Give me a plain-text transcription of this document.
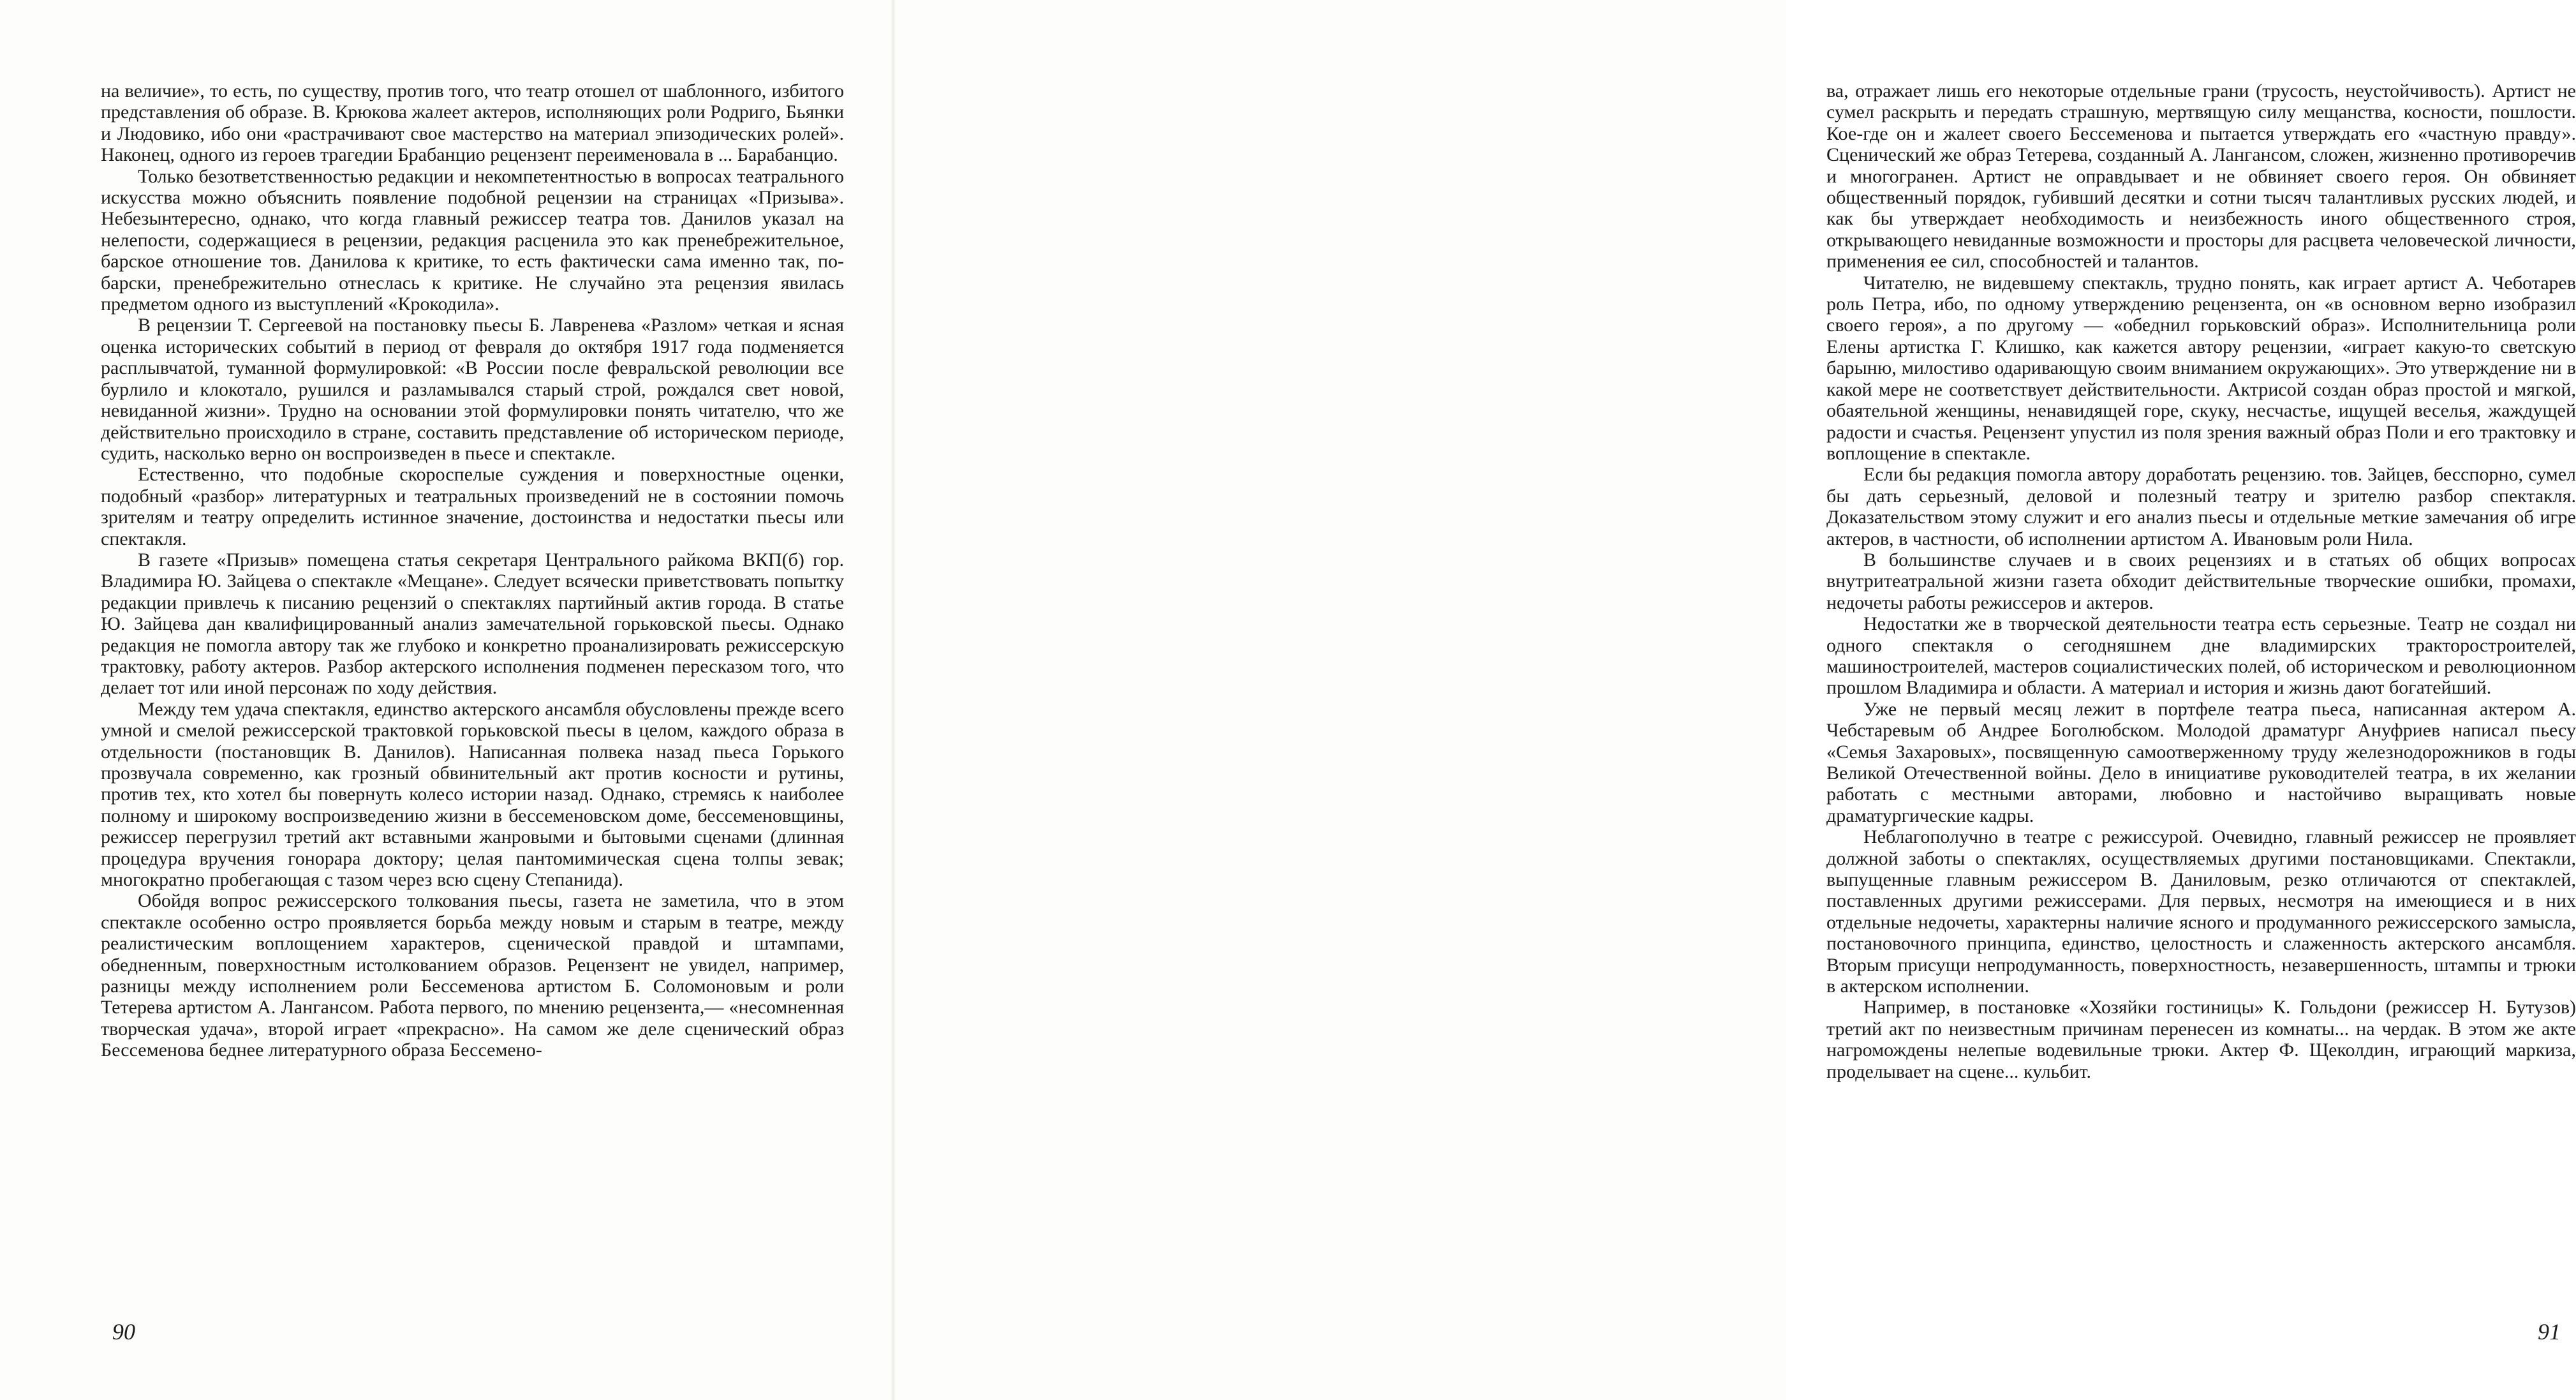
на величие», то есть, по существу, против того, что театр отошел от шаблонного, избитого представления об образе. В. Крюкова жалеет актеров, исполняющих роли Родриго, Бьянки и Людовико, ибо они «растрачивают свое мастерство на материал эпизодических ролей». Наконец, одного из героев трагедии Брабанцио рецензент переименовала в ... Барабанцио.

Только безответственностью редакции и некомпетентностью в вопросах театрального искусства можно объяснить появление подобной рецензии на страницах «Призыва». Небезынтересно, однако, что когда главный режиссер театра тов. Данилов указал на нелепости, содержащиеся в рецензии, редакция расценила это как пренебрежительное, барское отношение тов. Данилова к критике, то есть фактически сама именно так, по-барски, пренебрежительно отнеслась к критике. Не случайно эта рецензия явилась предметом одного из выступлений «Крокодила».

В рецензии Т. Сергеевой на постановку пьесы Б. Лавренева «Разлом» четкая и ясная оценка исторических событий в период от февраля до октября 1917 года подменяется расплывчатой, туманной формулировкой: «В России после февральской революции все бурлило и клокотало, рушился и разламывался старый строй, рождался свет новой, невиданной жизни». Трудно на основании этой формулировки понять читателю, что же действительно происходило в стране, составить представление об историческом периоде, судить, насколько верно он воспроизведен в пьесе и спектакле.

Естественно, что подобные скороспелые суждения и поверхностные оценки, подобный «разбор» литературных и театральных произведений не в состоянии помочь зрителям и театру определить истинное значение, достоинства и недостатки пьесы или спектакля.

В газете «Призыв» помещена статья секретаря Центрального райкома ВКП(б) гор. Владимира Ю. Зайцева о спектакле «Мещане». Следует всячески приветствовать попытку редакции привлечь к писанию рецензий о спектаклях партийный актив города. В статье Ю. Зайцева дан квалифицированный анализ замечательной горьковской пьесы. Однако редакция не помогла автору так же глубоко и конкретно проанализировать режиссерскую трактовку, работу актеров. Разбор актерского исполнения подменен пересказом того, что делает тот или иной персонаж по ходу действия.

Между тем удача спектакля, единство актерского ансамбля обусловлены прежде всего умной и смелой режиссерской трактовкой горьковской пьесы в целом, каждого образа в отдельности (постановщик В. Данилов). Написанная полвека назад пьеса Горького прозвучала современно, как грозный обвинительный акт против косности и рутины, против тех, кто хотел бы повернуть колесо истории назад. Однако, стремясь к наиболее полному и широкому воспроизведению жизни в бессеменовском доме, бессеменовщины, режиссер перегрузил третий акт вставными жанровыми и бытовыми сценами (длинная процедура вручения гонорара доктору; целая пантомимическая сцена толпы зевак; многократно пробегающая с тазом через всю сцену Степанида).

Обойдя вопрос режиссерского толкования пьесы, газета не заметила, что в этом спектакле особенно остро проявляется борьба между новым и старым в театре, между реалистическим воплощением характеров, сценической правдой и штампами, обедненным, поверхностным истолкованием образов. Рецензент не увидел, например, разницы между исполнением роли Бессеменова артистом Б. Соломоновым и роли Тетерева артистом А. Лангансом. Работа первого, по мнению рецензента,— «несомненная творческая удача», второй играет «прекрасно». На самом же деле сценический образ Бессеменова беднее литературного образа Бессемено-

90

ва, отражает лишь его некоторые отдельные грани (трусость, неустойчивость). Артист не сумел раскрыть и передать страшную, мертвящую силу мещанства, косности, пошлости. Кое-где он и жалеет своего Бессеменова и пытается утверждать его «частную правду». Сценический же образ Тетерева, созданный А. Лангансом, сложен, жизненно противоречив и многогранен. Артист не оправдывает и не обвиняет своего героя. Он обвиняет общественный порядок, губивший десятки и сотни тысяч талантливых русских людей, и как бы утверждает необходимость и неизбежность иного общественного строя, открывающего невиданные возможности и просторы для расцвета человеческой личности, применения ее сил, способностей и талантов.

Читателю, не видевшему спектакль, трудно понять, как играет артист А. Чеботарев роль Петра, ибо, по одному утверждению рецензента, он «в основном верно изобразил своего героя», а по другому — «обеднил горьковский образ». Исполнительница роли Елены артистка Г. Клишко, как кажется автору рецензии, «играет какую-то светскую барыню, милостиво одаривающую своим вниманием окружающих». Это утверждение ни в какой мере не соответствует действительности. Актрисой создан образ простой и мягкой, обаятельной женщины, ненавидящей горе, скуку, несчастье, ищущей веселья, жаждущей радости и счастья. Рецензент упустил из поля зрения важный образ Поли и его трактовку и воплощение в спектакле.

Если бы редакция помогла автору доработать рецензию. тов. Зайцев, бесспорно, сумел бы дать серьезный, деловой и полезный театру и зрителю разбор спектакля. Доказательством этому служит и его анализ пьесы и отдельные меткие замечания об игре актеров, в частности, об исполнении артистом А. Ивановым роли Нила.

В большинстве случаев и в своих рецензиях и в статьях об общих вопросах внутритеатральной жизни газета обходит действительные творческие ошибки, промахи, недочеты работы режиссеров и актеров.

Недостатки же в творческой деятельности театра есть серьезные. Театр не создал ни одного спектакля о сегодняшнем дне владимирских тракторостроителей, машиностроителей, мастеров социалистических полей, об историческом и революционном прошлом Владимира и области. А материал и история и жизнь дают богатейший.

Уже не первый месяц лежит в портфеле театра пьеса, написанная актером А. Чебстаревым об Андрее Боголюбском. Молодой драматург Ануфриев написал пьесу «Семья Захаровых», посвященную самоотверженному труду железнодорожников в годы Великой Отечественной войны. Дело в инициативе руководителей театра, в их желании работать с местными авторами, любовно и настойчиво выращивать новые драматургические кадры.

Неблагополучно в театре с режиссурой. Очевидно, главный режиссер не проявляет должной заботы о спектаклях, осуществляемых другими постановщиками. Спектакли, выпущенные главным режиссером В. Даниловым, резко отличаются от спектаклей, поставленных другими режиссерами. Для первых, несмотря на имеющиеся и в них отдельные недочеты, характерны наличие ясного и продуманного режиссерского замысла, постановочного принципа, единство, целостность и слаженность актерского ансамбля. Вторым присущи непродуманность, поверхностность, незавершенность, штампы и трюки в актерском исполнении.

Например, в постановке «Хозяйки гостиницы» К. Гольдони (режиссер Н. Бутузов) третий акт по неизвестным причинам перенесен из комнаты... на чердак. В этом же акте нагромождены нелепые водевильные трюки. Актер Ф. Щеколдин, играющий маркиза, проделывает на сцене... кульбит.

91
